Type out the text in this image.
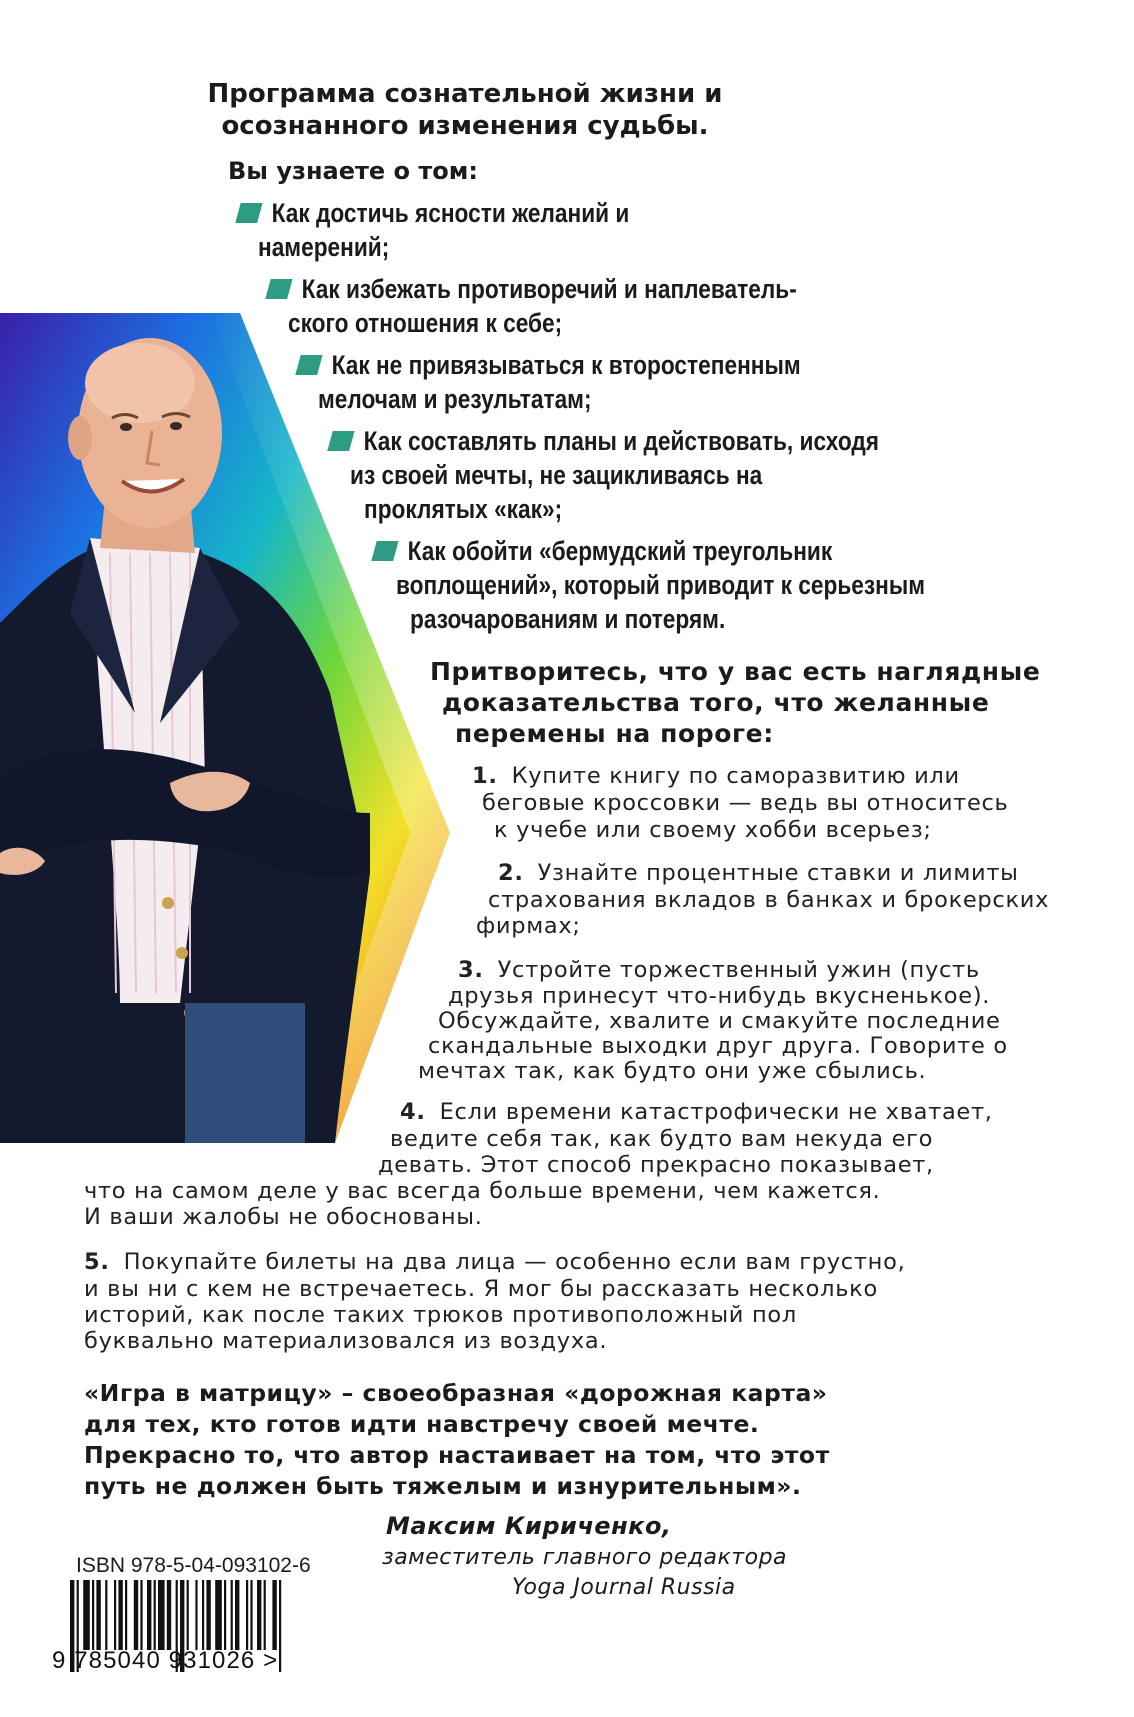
Программа сознательной жизни и
осознанного изменения судьбы.
Вы узнаете о том:
Как достичь ясности желаний и
намерений;
Как избежать противоречий и наплеватель-
ского отношения к себе;
Как не привязываться к второстепенным
мелочам и результатам;
Как составлять планы и действовать, исходя
из своей мечты, не зацикливаясь на
проклятых «как»;
Как обойти «бермудский треугольник
воплощений», который приводит к серьезным
разочарованиям и потерям.
Притворитесь, что у вас есть наглядные
доказательства того, что желанные
перемены на пороге:
1. Купите книгу по саморазвитию или
беговые кроссовки — ведь вы относитесь
к учебе или своему хобби всерьез;
2. Узнайте процентные ставки и лимиты
страхования вкладов в банках и брокерских
фирмах;
3. Устройте торжественный ужин (пусть
друзья принесут что-нибудь вкусненькое).
Обсуждайте, хвалите и смакуйте последние
скандальные выходки друг друга. Говорите о
мечтах так, как будто они уже сбылись.
4. Если времени катастрофически не хватает,
ведите себя так, как будто вам некуда его
девать. Этот способ прекрасно показывает,
что на самом деле у вас всегда больше времени, чем кажется.
И ваши жалобы не обоснованы.
5. Покупайте билеты на два лица — особенно если вам грустно,
и вы ни с кем не встречаетесь. Я мог бы рассказать несколько
историй, как после таких трюков противоположный пол
буквально материализовался из воздуха.
«Игра в матрицу» – своеобразная «дорожная карта»
для тех, кто готов идти навстречу своей мечте.
Прекрасно то, что автор настаивает на том, что этот
путь не должен быть тяжелым и изнурительным».
Максим Кириченко,
заместитель главного редактора
Yoga Journal Russia
ISBN 978-5-04-093102-6
9 785040 931026 >
